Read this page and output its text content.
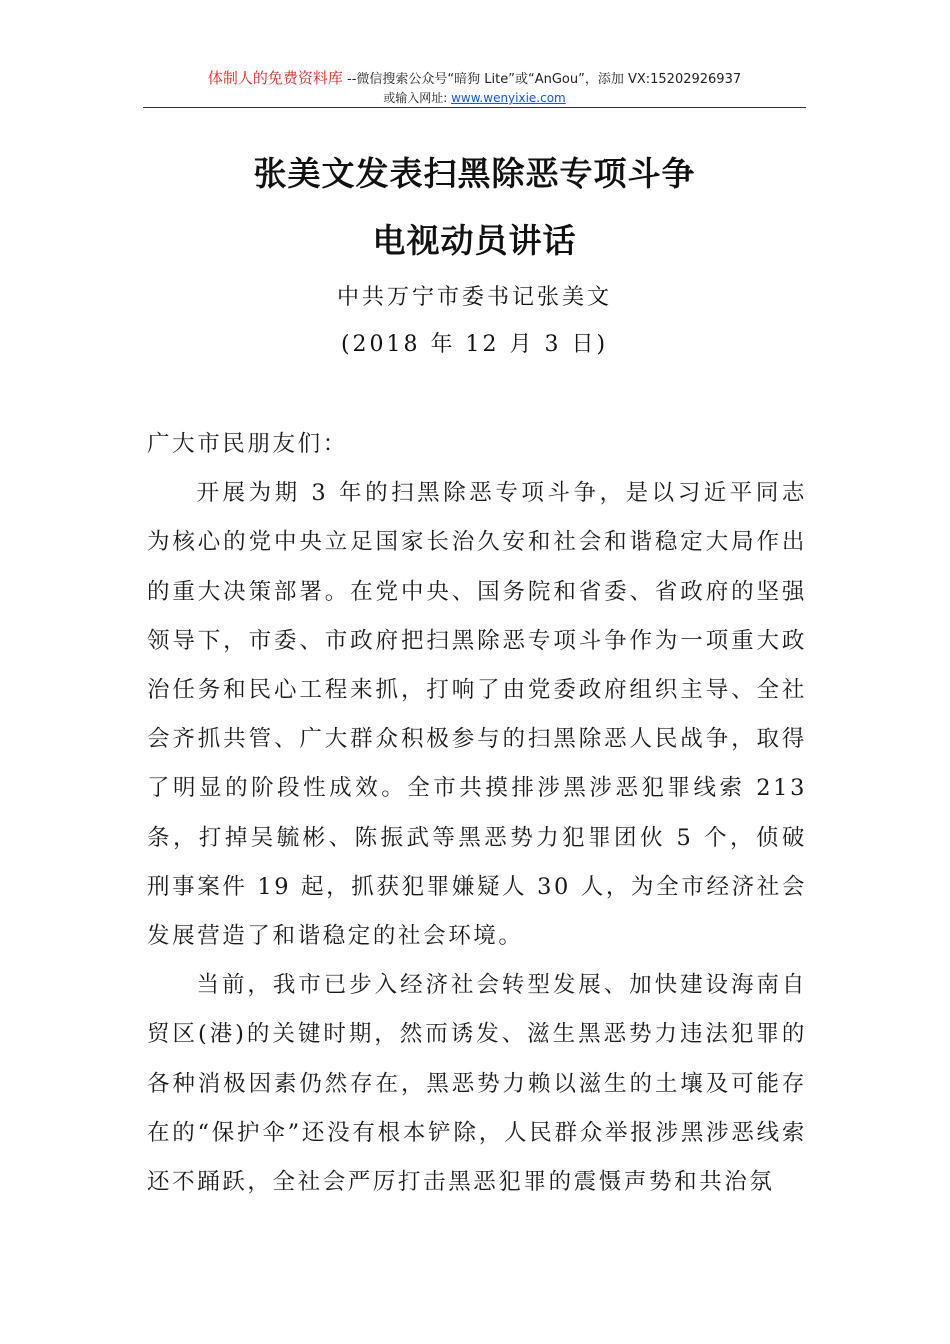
体制人的免费资料库 --微信搜索公众号“暗狗 Lite”或“AnGou”，添加 VX:15202926937
或输入网址: www.wenyixie.com
张美文发表扫黑除恶专项斗争
电视动员讲话
中共万宁市委书记张美文
(2018 年 12 月 3 日)

广大市民朋友们：

开展为期 3 年的扫黑除恶专项斗争，是以习近平同志为核心的党中央立足国家长治久安和社会和谐稳定大局作出的重大决策部署。在党中央、国务院和省委、省政府的坚强领导下，市委、市政府把扫黑除恶专项斗争作为一项重大政治任务和民心工程来抓，打响了由党委政府组织主导、全社会齐抓共管、广大群众积极参与的扫黑除恶人民战争，取得了明显的阶段性成效。全市共摸排涉黑涉恶犯罪线索 213 条，打掉吴毓彬、陈振武等黑恶势力犯罪团伙 5 个，侦破刑事案件 19 起，抓获犯罪嫌疑人 30 人，为全市经济社会发展营造了和谐稳定的社会环境。

当前，我市已步入经济社会转型发展、加快建设海南自贸区(港)的关键时期，然而诱发、滋生黑恶势力违法犯罪的各种消极因素仍然存在，黑恶势力赖以滋生的土壤及可能存在的“保护伞”还没有根本铲除，人民群众举报涉黑涉恶线索还不踊跃，全社会严厉打击黑恶犯罪的震慑声势和共治氛
